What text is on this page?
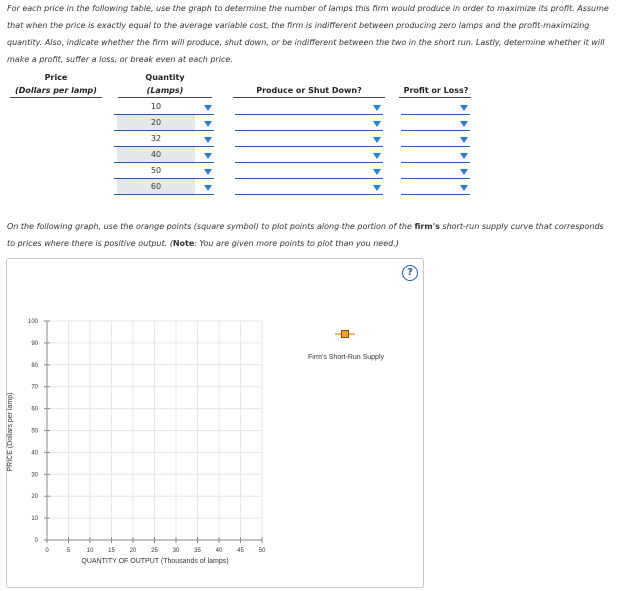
For each price in the following table, use the graph to determine the number of lamps this firm would produce in order to maximize its profit. Assume
that when the price is exactly equal to the average variable cost, the firm is indifferent between producing zero lamps and the profit-maximizing
quantity. Also, indicate whether the firm will produce, shut down, or be indifferent between the two in the short run. Lastly, determine whether it will
make a profit, suffer a loss, or break even at each price.
Price
(Dollars per lamp)
Quantity
(Lamps)	Produce or Shut Down?	Profit or Loss?
10
20
32
40
50
60
On the following graph, use the orange points (square symbol) to plot points along the portion of the firm's short-run supply curve that corresponds
to prices where there is positive output. (Note: You are given more points to plot than you need.)
?
0	5	10 15 20 25 30 35 40 45 50
0
10
20
30
40
50
60
70
80
90
100
QUANTITY OF OUTPUT (Thousands of lamps)
PRICE (Dollars per lamp)
Firm's Short-Run Supply
